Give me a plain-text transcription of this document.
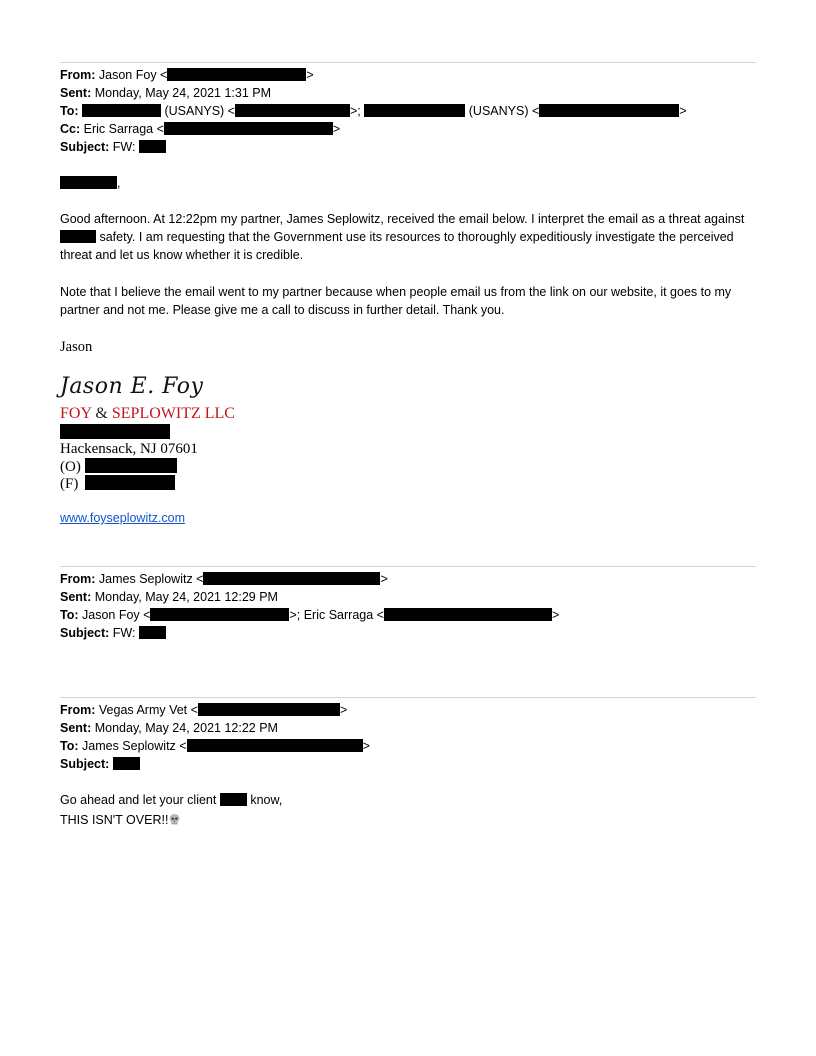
From: Jason Foy <	>
Sent: Monday, May 24, 2021 1:31 PM
To:	(USANYS) <	>;	(USANYS) <	>
Cc: Eric Sarraga <	>
Subject: FW:
,
Good afternoon. At 12:22pm my partner, James Seplowitz, received the email below. I interpret the email as a threat against  safety. I am requesting that the Government use its resources to thoroughly expeditiously investigate the perceived threat and let us know whether it is credible.
Note that I believe the email went to my partner because when people email us from the link on our website, it goes to my partner and not me. Please give me a call to discuss in further detail. Thank you.
Jason
Jason E. Foy
FOY & SEPLOWITZ LLC
Hackensack, NJ 07601
(O)
(F)
www.foyseplowitz.com
From: James Seplowitz <	>
Sent: Monday, May 24, 2021 12:29 PM
To: Jason Foy <	>; Eric Sarraga <	>
Subject: FW:
From: Vegas Army Vet <	>
Sent: Monday, May 24, 2021 12:22 PM
To: James Seplowitz <	>
Subject:
Go ahead and let your client	know,
THIS ISN'T OVER!!
